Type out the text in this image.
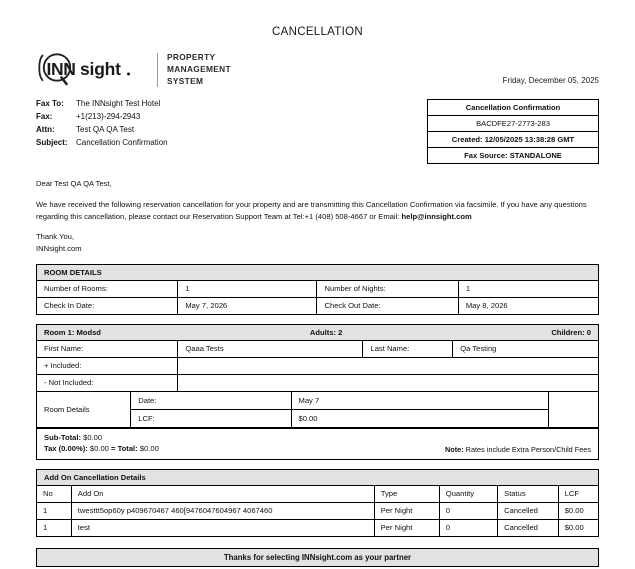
CANCELLATION
INN sight
PROPERTY
MANAGEMENT
SYSTEM	Friday, December 05, 2025
Fax To:	The INNsight Test Hotel
Fax:	+1(213)-294-2943
Attn:	Test QA QA Test
Subject:	Cancellation Confirmation
Cancellation Confirmation
BACDFE27-2773-283
Created: 12/05/2025 13:38:28 GMT
Fax Source: STANDALONE

Dear Test QA QA Test,

We have received the following reservation cancellation for your property and are transmitting this Cancellation Confirmation via facsimile. If you have any questions regarding this cancellation, please contact our Reservation Support Team at Tel:+1 (408) 508-4667 or Email: help@innsight.com

Thank You,

INNsight.com

ROOM DETAILS
Number of Rooms:	1	Number of Nights:	1
Check In Date:	May 7, 2026	Check Out Date:	May 8, 2026
Room 1: Modsd	Adults: 2	Children: 0
First Name:	Qaaa Tests	Last Name:	Qa Testing
+ Included:

- Not Included:

Room Details
Date:	May 7
LCF:	$0.00
Sub-Total: $0.00
Tax (0.00%): $0.00 = Total: $0.00	Note: Rates include Extra Person/Child Fees
Add On Cancellation Details
No	Add On	Type	Quantity	Status	LCF
1	twesttt5op60y p409670467 460[9476047604967 4067460	Per Night	0	Cancelled	$0.00
1	test	Per Night	0	Cancelled	$0.00
Thanks for selecting INNsight.com as your partner
